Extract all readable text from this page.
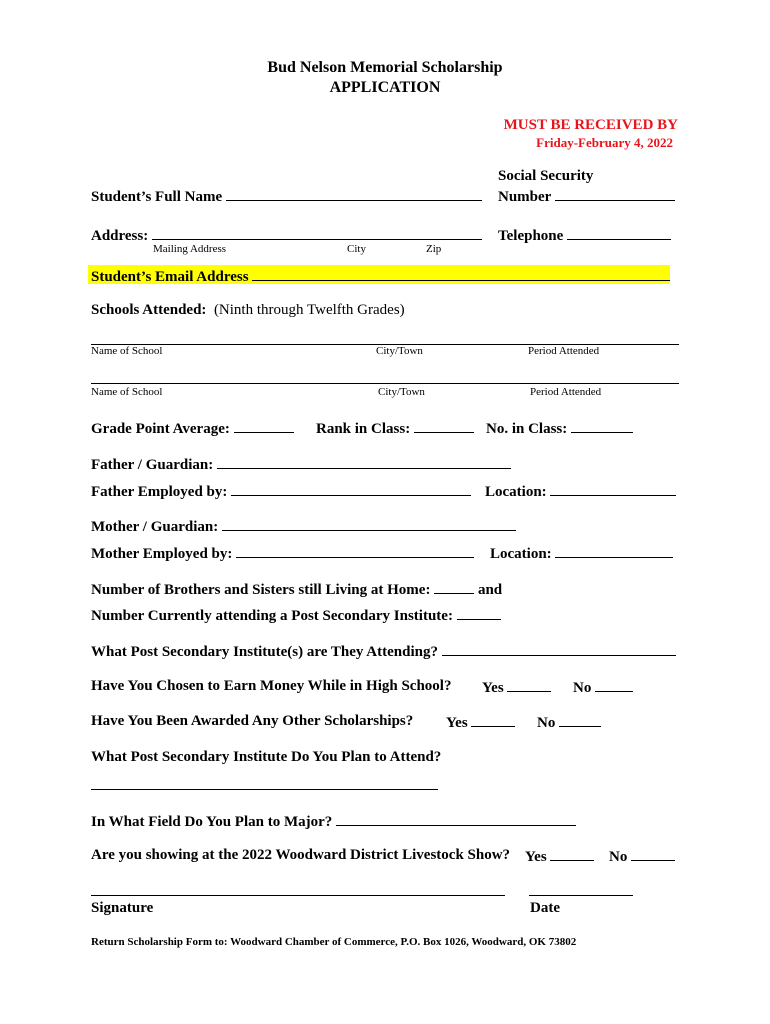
Bud Nelson Memorial Scholarship
APPLICATION
MUST BE RECEIVED BY
Friday-February 4, 2022
Social Security
Number
Student’s Full Name
Address:	Telephone
Mailing Address	City	Zip
Student’s Email Address
Schools Attended: (Ninth through Twelfth Grades)
Name of School	City/Town	Period Attended
Name of School	City/Town	Period Attended
Grade Point Average:	Rank in Class:	No. in Class:
Father / Guardian:
Father Employed by:	Location:
Mother / Guardian:
Mother Employed by:	Location:
Number of Brothers and Sisters still Living at Home:	and
Number Currently attending a Post Secondary Institute:
What Post Secondary Institute(s) are They Attending?
Have You Chosen to Earn Money While in High School? Yes	No
Have You Been Awarded Any Other Scholarships? Yes	No
What Post Secondary Institute Do You Plan to Attend?
In What Field Do You Plan to Major?
Are you showing at the 2022 Woodward District Livestock Show? Yes	No
Signature	Date
Return Scholarship Form to: Woodward Chamber of Commerce, P.O. Box 1026, Woodward, OK 73802
